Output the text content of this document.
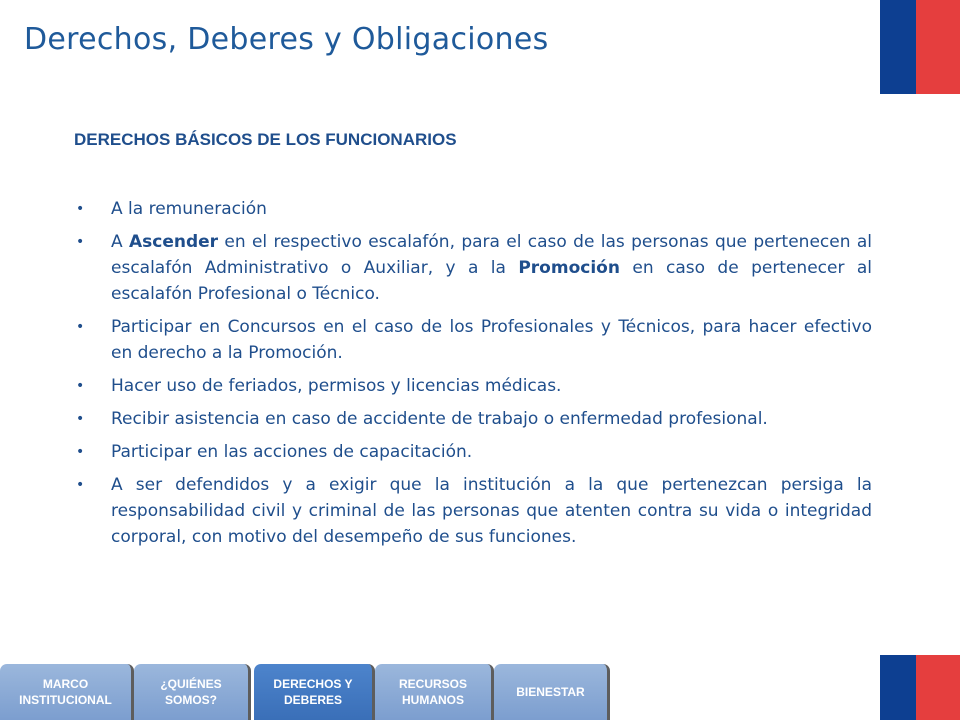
Derechos, Deberes y Obligaciones
DERECHOS BÁSICOS DE LOS FUNCIONARIOS
• A la remuneración
• A Ascender en el respectivo escalafón, para el caso de las personas que pertenecen al escalafón Administrativo o Auxiliar, y a la Promoción en caso de pertenecer al escalafón Profesional o Técnico.
• Participar en Concursos en el caso de los Profesionales y Técnicos, para hacer efectivo en derecho a la Promoción.
• Hacer uso de feriados, permisos y licencias médicas.
• Recibir asistencia en caso de accidente de trabajo o enfermedad profesional.
• Participar en las acciones de capacitación.
• A ser defendidos y a exigir que la institución a la que pertenezcan persiga la responsabilidad civil y criminal de las personas que atenten contra su vida o integridad corporal, con motivo del desempeño de sus funciones.
MARCO
INSTITUCIONAL
¿QUIÉNES
SOMOS?
DERECHOS Y
DEBERES
RECURSOS
HUMANOS
BIENESTAR
